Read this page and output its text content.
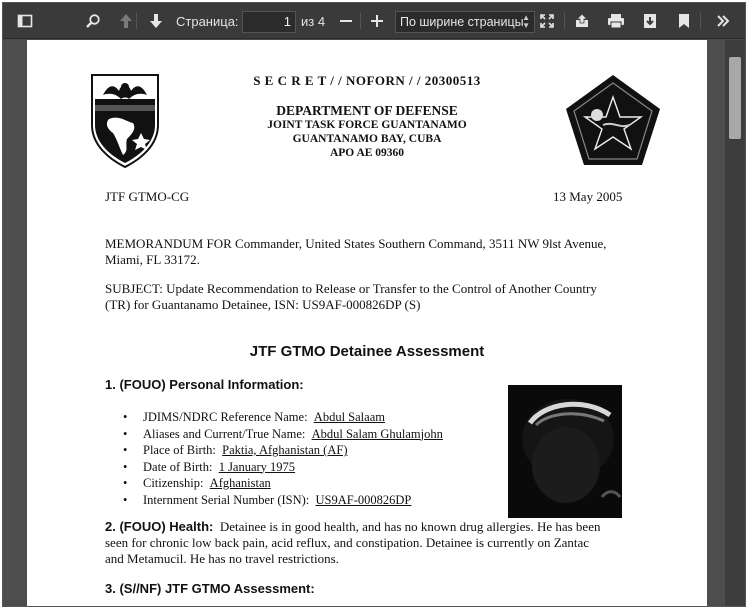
Страница:	1 из 4	По ширине страницы
▲
▼
S E C R E T / / NOFORN / / 20300513
DEPARTMENT OF DEFENSE
JOINT TASK FORCE GUANTANAMO
GUANTANAMO BAY, CUBA
APO AE 09360
JTF GTMO-CG	13 May 2005
MEMORANDUM FOR Commander, United States Southern Command, 3511 NW 9lst Avenue,
Miami, FL 33172.
SUBJECT: Update Recommendation to Release or Transfer to the Control of Another Country
(TR) for Guantanamo Detainee, ISN: US9AF-000826DP (S)
JTF GTMO Detainee Assessment
1. (FOUO) Personal Information:
• JDIMS/NDRC Reference Name: Abdul Salaam
• Aliases and Current/True Name: Abdul Salam Ghulamjohn
• Place of Birth: Paktia, Afghanistan (AF)
• Date of Birth: 1 January 1975
• Citizenship: Afghanistan
• Internment Serial Number (ISN): US9AF-000826DP
2. (FOUO) Health: Detainee is in good health, and has no known drug allergies. He has been
seen for chronic low back pain, acid reflux, and constipation. Detainee is currently on Zantac
and Metamucil. He has no travel restrictions.
3. (S//NF) JTF GTMO Assessment:
